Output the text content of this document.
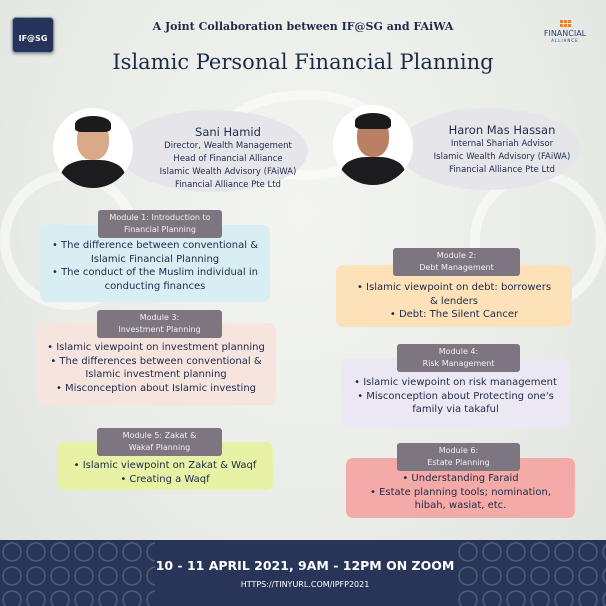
IF@SG
FINANCIAL
ALLIANCE
A Joint Collaboration between IF@SG and FAiWA
Islamic Personal Financial Planning
Sani Hamid
Director, Wealth Management
Head of Financial Alliance
Islamic Wealth Advisory (FAiWA)
Financial Alliance Pte Ltd
Haron Mas Hassan
Internal Shariah Advisor
Islamic Wealth Advisory (FAiWA)
Financial Alliance Pte Ltd
• The difference between conventional & Islamic Financial Planning
• The conduct of the Muslim individual in conducting finances
Module 1: Introduction to
Financial Planning
• Islamic viewpoint on investment planning
• The differences between conventional & Islamic investment planning
• Misconception about Islamic investing
Module 3:
Investment Planning
• Islamic viewpoint on Zakat & Waqf
• Creating a Waqf
Module 5: Zakat &
Wakaf Planning
• Islamic viewpoint on debt: borrowers & lenders
• Debt: The Silent Cancer
Module 2:
Debt Management
• Islamic viewpoint on risk management
• Misconception about Protecting one's family via takaful
Module 4:
Risk Management
• Understanding Faraid
• Estate planning tools; nomination, hibah, wasiat, etc.
Module 6:
Estate Planning
10 - 11 APRIL 2021, 9AM - 12PM ON ZOOM
HTTPS://TINYURL.COM/IPFP2021
